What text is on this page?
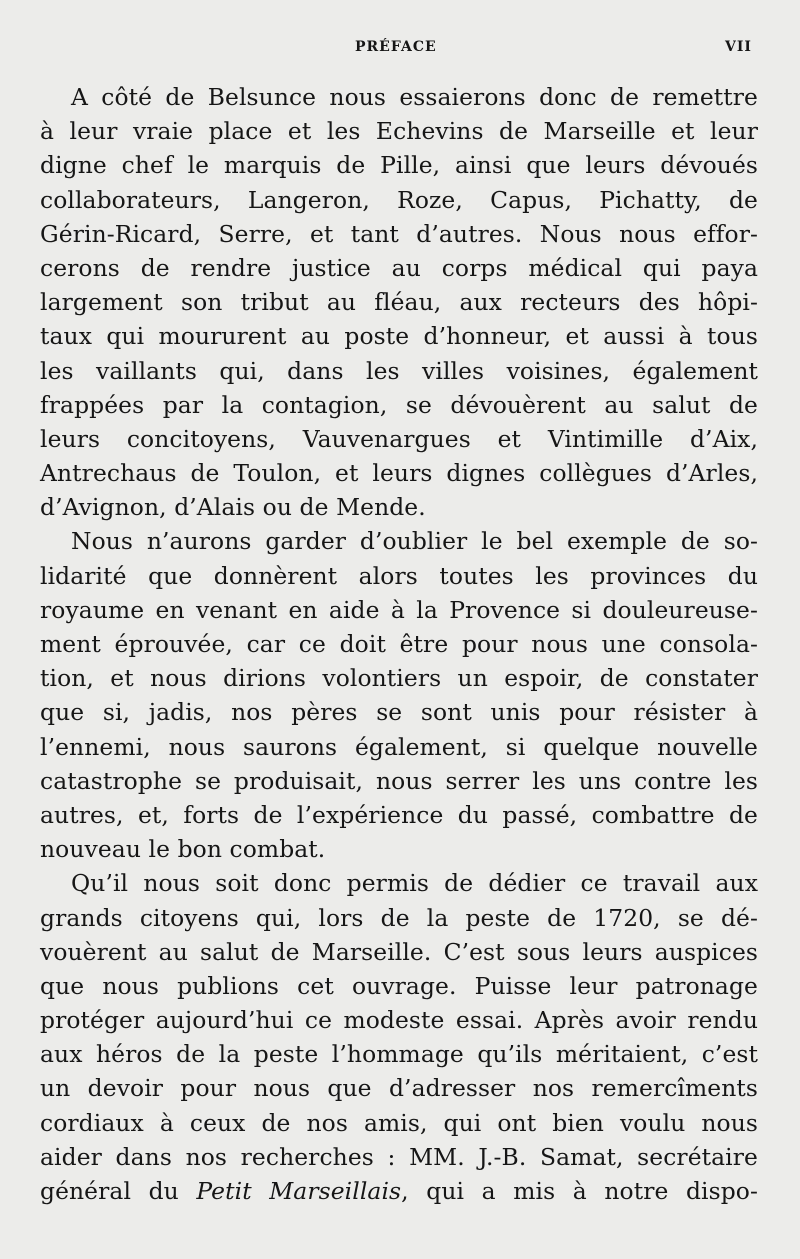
PRÉFACE	VII
A côté de Belsunce nous essaierons donc de remettre
à leur vraie place et les Echevins de Marseille et leur
digne chef le marquis de Pille, ainsi que leurs dévoués
collaborateurs, Langeron, Roze, Capus, Pichatty, de
Gérin-Ricard, Serre, et tant d’autres. Nous nous effor-
cerons de rendre justice au corps médical qui paya
largement son tribut au fléau, aux recteurs des hôpi-
taux qui moururent au poste d’honneur, et aussi à tous
les vaillants qui, dans les villes voisines, également
frappées par la contagion, se dévouèrent au salut de
leurs concitoyens, Vauvenargues et Vintimille d’Aix,
Antrechaus de Toulon, et leurs dignes collègues d’Arles,
d’Avignon, d’Alais ou de Mende.
Nous n’aurons garder d’oublier le bel exemple de so-
lidarité que donnèrent alors toutes les provinces du
royaume en venant en aide à la Provence si douleureuse-
ment éprouvée, car ce doit être pour nous une consola-
tion, et nous dirions volontiers un espoir, de constater
que si, jadis, nos pères se sont unis pour résister à
l’ennemi, nous saurons également, si quelque nouvelle
catastrophe se produisait, nous serrer les uns contre les
autres, et, forts de l’expérience du passé, combattre de
nouveau le bon combat.
Qu’il nous soit donc permis de dédier ce travail aux
grands citoyens qui, lors de la peste de 1720, se dé-
vouèrent au salut de Marseille. C’est sous leurs auspices
que nous publions cet ouvrage. Puisse leur patronage
protéger aujourd’hui ce modeste essai. Après avoir rendu
aux héros de la peste l’hommage qu’ils méritaient, c’est
un devoir pour nous que d’adresser nos remercîments
cordiaux à ceux de nos amis, qui ont bien voulu nous
aider dans nos recherches : MM. J.-B. Samat, secrétaire
général du Petit Marseillais, qui a mis à notre dispo-
